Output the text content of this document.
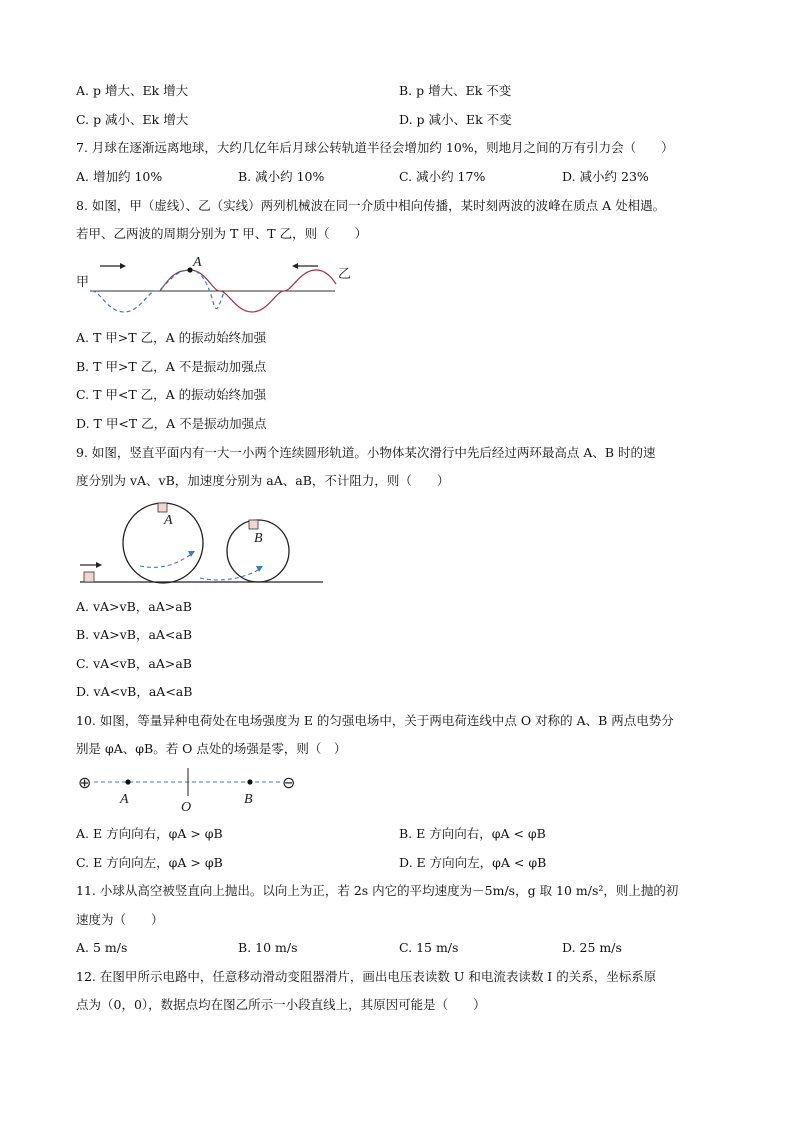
A. p 增大、Ek 增大	B. p 增大、Ek 不变
C. p 减小、Ek 增大	D. p 减小、Ek 不变
7. 月球在逐渐远离地球，大约几亿年后月球公转轨道半径会增加约 10%，则地月之间的万有引力会（　　）
A. 增加约 10%	B. 减小约 10%	C. 减小约 17%	D. 减小约 23%
8. 如图，甲（虚线）、乙（实线）两列机械波在同一介质中相向传播，某时刻两波的波峰在质点 A 处相遇。
若甲、乙两波的周期分别为 T 甲、T 乙，则（　　）
甲
乙
A
A. T 甲>T 乙，A 的振动始终加强
B. T 甲>T 乙，A 不是振动加强点
C. T 甲<T 乙，A 的振动始终加强
D. T 甲<T 乙，A 不是振动加强点
9. 如图，竖直平面内有一大一小两个连续圆形轨道。小物体某次滑行中先后经过两环最高点 A、B 时的速
度分别为 vA、vB，加速度分别为 aA、aB，不计阻力，则（　　）
A
B
A. vA>vB，aA>aB
B. vA>vB，aA<aB
C. vA<vB，aA>aB
D. vA<vB，aA<aB
10. 如图，等量异种电荷处在电场强度为 E 的匀强电场中，关于两电荷连线中点 O 对称的 A、B 两点电势分
别是 φA、φB。若 O 点处的场强是零，则（　）
⊕	⊖
A
O
B
A. E 方向向右，φA > φB	B. E 方向向右，φA < φB
C. E 方向向左，φA > φB	D. E 方向向左，φA < φB
11. 小球从高空被竖直向上抛出。以向上为正，若 2s 内它的平均速度为－5m/s，g 取 10 m/s²，则上抛的初
速度为（　　）
A. 5 m/s	B. 10 m/s	C. 15 m/s	D. 25 m/s
12. 在图甲所示电路中，任意移动滑动变阻器滑片，画出电压表读数 U 和电流表读数 I 的关系，坐标系原
点为（0，0），数据点均在图乙所示一小段直线上，其原因可能是（　　）
